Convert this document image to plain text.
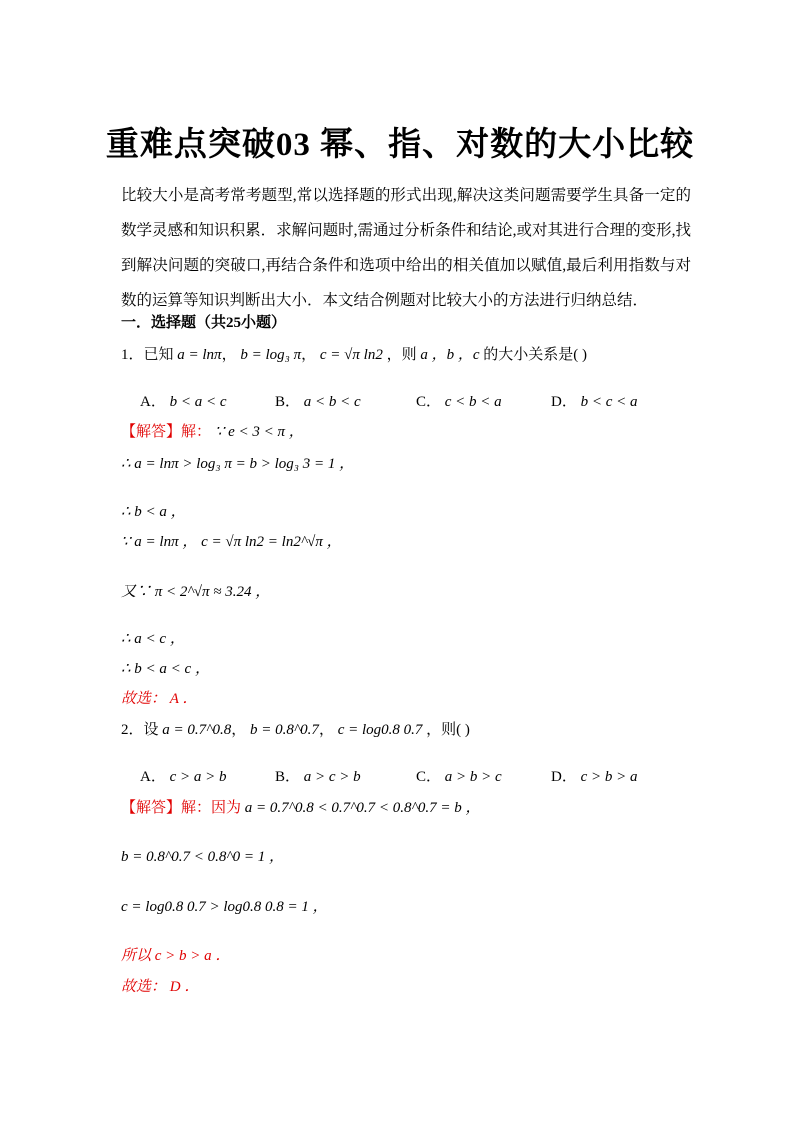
重难点突破03 幂、指、对数的大小比较
比较大小是高考常考题型,常以选择题的形式出现,解决这类问题需要学生具备一定的数学灵感和知识积累．求解问题时,需通过分析条件和结论,或对其进行合理的变形,找到解决问题的突破口,再结合条件和选项中给出的相关值加以赋值,最后利用指数与对数的运算等知识判断出大小．本文结合例题对比较大小的方法进行归纳总结．
一．选择题（共25小题）
1．已知 a = lnπ， b = log₃ π， c = √π ln2 ，则 a ，b ，c 的大小关系是( )
A． b < a < c	B． a < b < c	C． c < b < a	D． b < c < a
【解答】解： ∵ e < 3 < π ，
∴ a = lnπ > log₃ π = b > log₃ 3 = 1 ，
∴ b < a ，
∵ a = lnπ ， c = √π ln2 = ln2^√π ，
又∵ π < 2^√π ≈ 3.24 ，
∴ a < c ，
∴ b < a < c ，
故选： A ．
2．设 a = 0.7^0.8， b = 0.8^0.7， c = log0.8 0.7 ，则( )
A． c > a > b	B． a > c > b	C． a > b > c	D． c > b > a
【解答】解：因为 a = 0.7^0.8 < 0.7^0.7 < 0.8^0.7 = b ，
b = 0.8^0.7 < 0.8^0 = 1 ，
c = log0.8 0.7 > log0.8 0.8 = 1 ，
所以 c > b > a ．
故选： D ．
